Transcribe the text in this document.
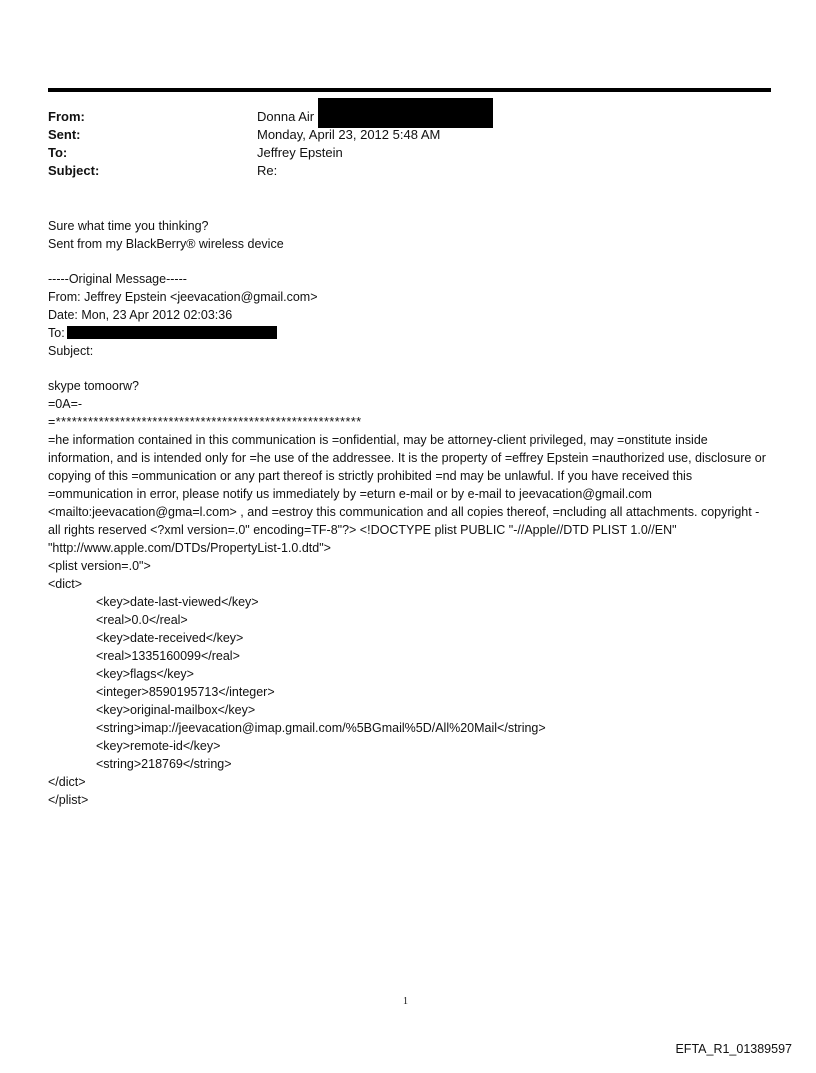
From:	Donna Air
Sent:	Monday, April 23, 2012 5:48 AM
To:	Jeffrey Epstein
Subject:	Re:
Sure what time you thinking?
Sent from my BlackBerry® wireless device
-----Original Message-----
From: Jeffrey Epstein <jeevacation@gmail.com>
Date: Mon, 23 Apr 2012 02:03:36
To:
Subject:
skype tomoorw?
=0A=-
=*********************************************************
=he information contained in this communication is =onfidential, may be attorney-client privileged, may =onstitute inside information, and is intended only for =he use of the addressee. It is the property of =effrey Epstein =nauthorized use, disclosure or copying of this =ommunication or any part thereof is strictly prohibited =nd may be unlawful. If you have received this =ommunication in error, please notify us immediately by =eturn e-mail or by e-mail to jeevacation@gmail.com <mailto:jeevacation@gma=l.com> , and =estroy this communication and all copies thereof, =ncluding all attachments. copyright -all rights reserved <?xml version=.0" encoding=TF-8"?> <!DOCTYPE plist PUBLIC "-//Apple//DTD PLIST 1.0//EN" "http://www.apple.com/DTDs/PropertyList-1.0.dtd">
<plist version=.0">
<dict>
<key>date-last-viewed</key>
<real>0.0</real>
<key>date-received</key>
<real>1335160099</real>
<key>flags</key>
<integer>8590195713</integer>
<key>original-mailbox</key>
<string>imap://jeevacation@imap.gmail.com/%5BGmail%5D/All%20Mail</string>
<key>remote-id</key>
<string>218769</string>
</dict>
</plist>
1
EFTA_R1_01389597
